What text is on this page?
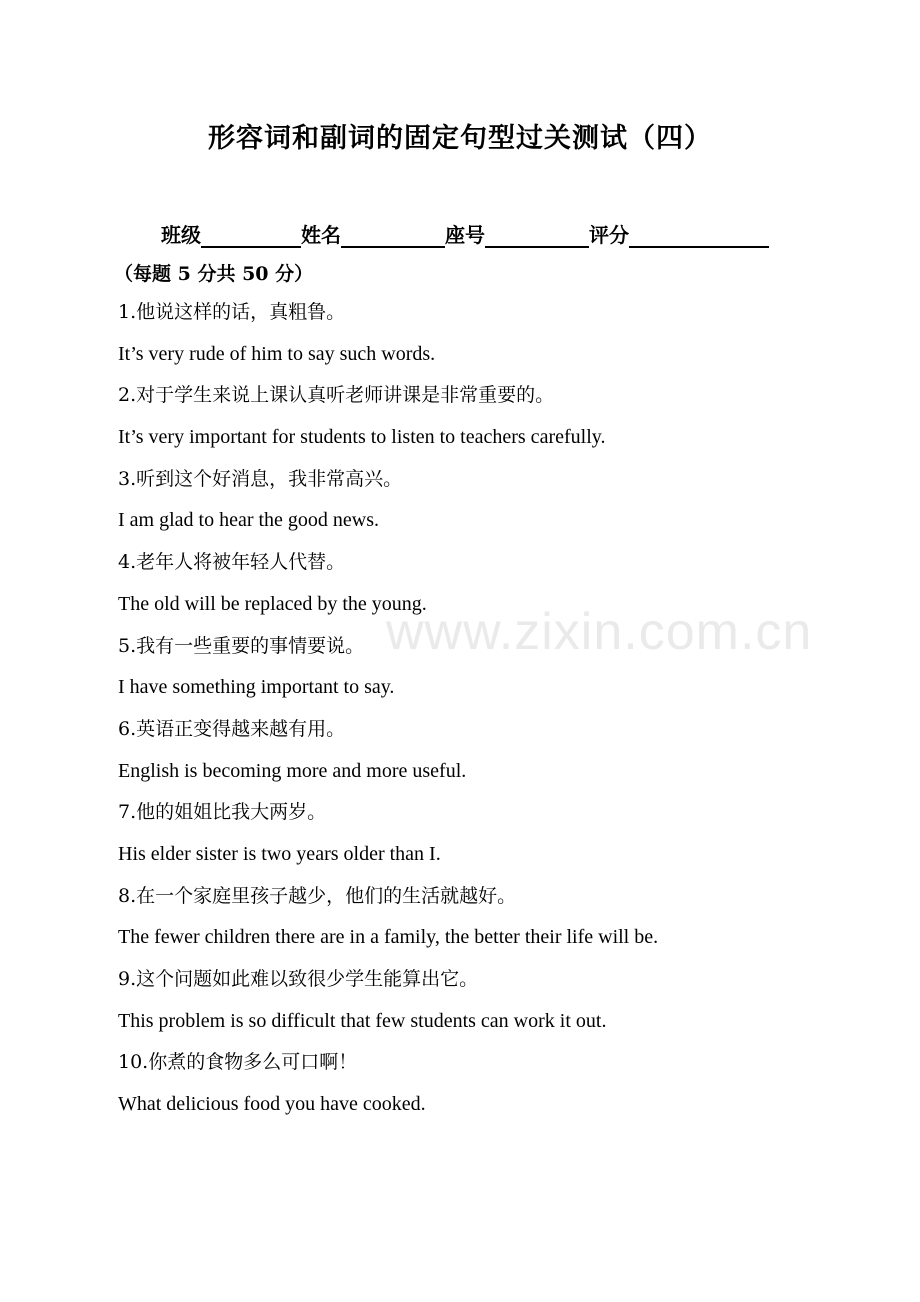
形容词和副词的固定句型过关测试（四）
班级	姓名	座号	评分
（每题 5 分共 50 分）
1.他说这样的话，真粗鲁。
It’s very rude of him to say such words.
2.对于学生来说上课认真听老师讲课是非常重要的。
It’s very important for students to listen to teachers carefully.
3.听到这个好消息，我非常高兴。
I am glad to hear the good news.
4.老年人将被年轻人代替。
The old will be replaced by the young.
5.我有一些重要的事情要说。
I have something important to say.
6.英语正变得越来越有用。
English is becoming more and more useful.
7.他的姐姐比我大两岁。
His elder sister is two years older than I.
8.在一个家庭里孩子越少，他们的生活就越好。
The fewer children there are in a family, the better their life will be.
9.这个问题如此难以致很少学生能算出它。
This problem is so difficult that few students can work it out.
10.你煮的食物多么可口啊！
What delicious food you have cooked.
www.zixin.com.cn
